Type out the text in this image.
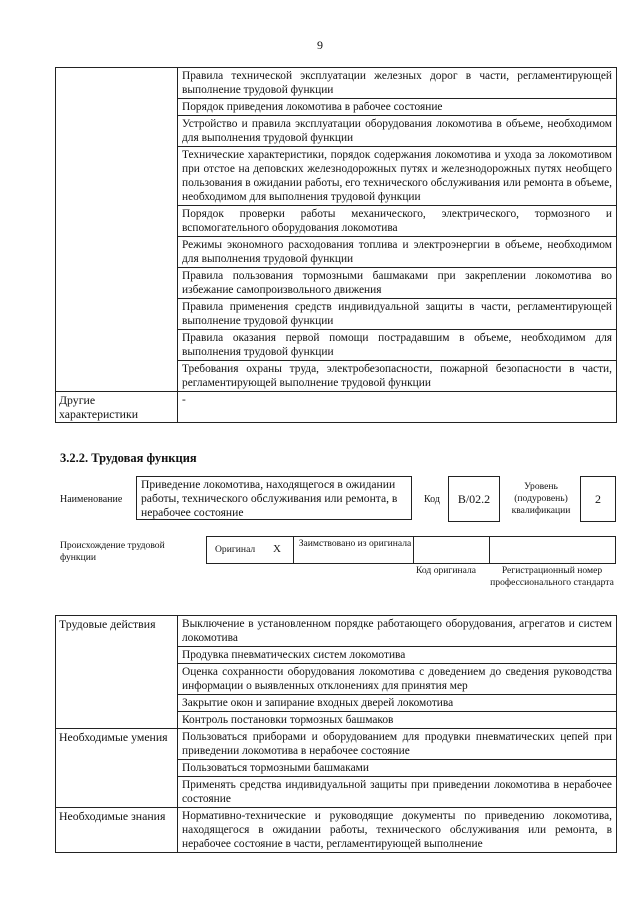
9
	Правила технической эксплуатации железных дорог в части, регламентирующей выполнение трудовой функции
	Порядок приведения локомотива в рабочее состояние
	Устройство и правила эксплуатации оборудования локомотива в объеме, необходимом для выполнения трудовой функции
	Технические характеристики, порядок содержания локомотива и ухода за локомотивом при отстое на деповских железнодорожных путях и железнодорожных путях необщего пользования в ожидании работы, его технического обслуживания или ремонта в объеме, необходимом для выполнения трудовой функции
	Порядок проверки работы механического, электрического, тормозного и вспомогательного оборудования локомотива
	Режимы экономного расходования топлива и электроэнергии в объеме, необходимом для выполнения трудовой функции
	Правила пользования тормозными башмаками при закреплении локомотива во избежание самопроизвольного движения
	Правила применения средств индивидуальной защиты в части, регламентирующей выполнение трудовой функции
	Правила оказания первой помощи пострадавшим в объеме, необходимом для выполнения трудовой функции
	Требования охраны труда, электробезопасности, пожарной безопасности в части, регламентирующей выполнение трудовой функции
Другие характеристики	-
3.2.2. Трудовая функция
Наименование
Приведение локомотива, находящегося в ожидании работы, технического обслуживания или ремонта, в нерабочее состояние
Код	B/02.2
Уровень (подуровень) квалификации
2
Происхождение трудовой функции
Оригинал X Заимствовано из оригинала
Код оригинала	Регистрационный номер профессионального стандарта
Трудовые действия	Выключение в установленном порядке работающего оборудования, агрегатов и систем локомотива
	Продувка пневматических систем локомотива
	Оценка сохранности оборудования локомотива с доведением до сведения руководства информации о выявленных отклонениях для принятия мер
	Закрытие окон и запирание входных дверей локомотива
	Контроль постановки тормозных башмаков
Необходимые умения	Пользоваться приборами и оборудованием для продувки пневматических цепей при приведении локомотива в нерабочее состояние
	Пользоваться тормозными башмаками
	Применять средства индивидуальной защиты при приведении локомотива в нерабочее состояние
Необходимые знания	Нормативно-технические и руководящие документы по приведению локомотива, находящегося в ожидании работы, технического обслуживания или ремонта, в нерабочее состояние в части, регламентирующей выполнение
